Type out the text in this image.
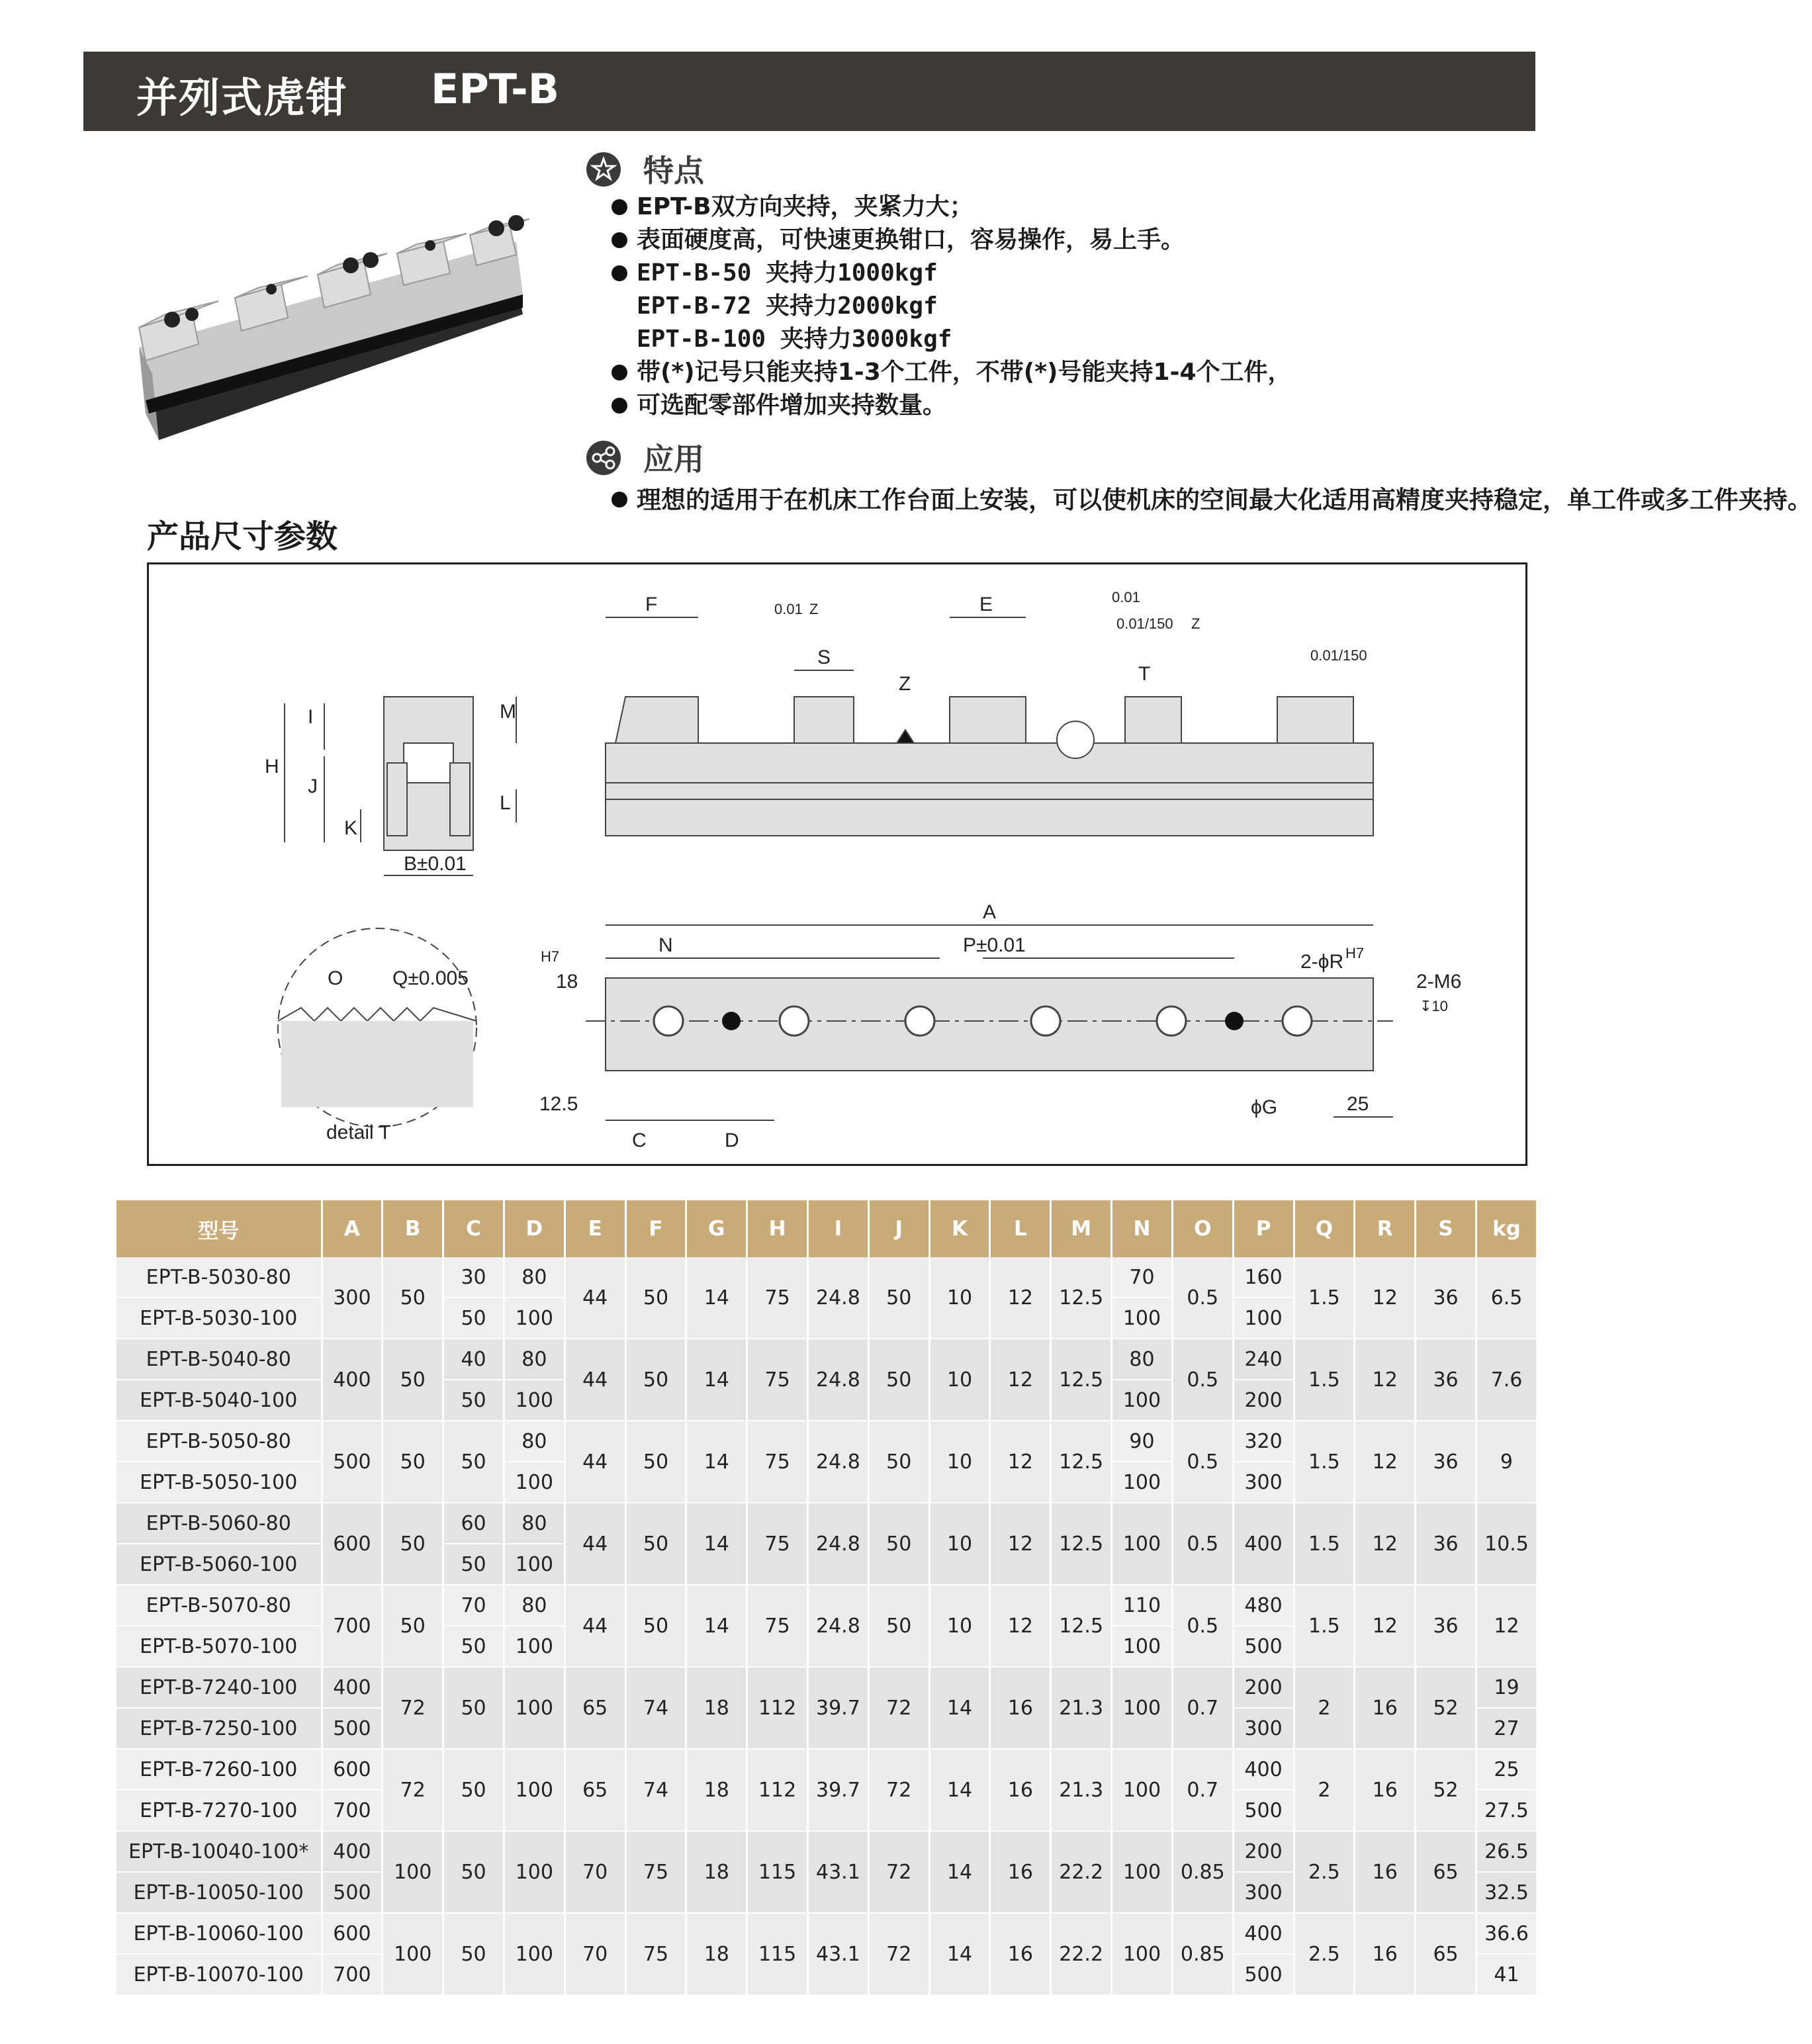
并列式虎钳 EPT-B
特点
EPT-B双方向夹持，夹紧力大；
表面硬度高，可快速更换钳口，容易操作，易上手。
EPT-B-50 夹持力1000kgf
EPT-B-72 夹持力2000kgf
EPT-B-100 夹持力3000kgf
带(*)记号只能夹持1-3个工件，不带(*)号能夹持1-4个工件，
可选配零部件增加夹持数量。
应用
理想的适用于在机床工作台面上安装，可以使机床的空间最大化适用高精度夹持稳定，单工件或多工件夹持。
产品尺寸参数
H
I
J
K
M
L
B±0.01
F	E
S
Z	T
0.01 Z
0.01
0.01/150 Z
0.01/150
O Q±0.005
detail T
A
N	P±0.01
2-ϕR H7
2-M6
↧10
18
H7
12.5
C	D
ϕG	25
型号	A	B	C	D	E	F	G	H	I	J	K	L	M	N	O	P	Q	R	S	kg
EPT-B-5030-80	300	50	30	80	44	50	14	75	24.8	50	10	12	12.5	70	0.5	160	1.5	12	36	6.5
EPT-B-5030-100			50	100										100		100				
EPT-B-5040-80	400	50	40	80	44	50	14	75	24.8	50	10	12	12.5	80	0.5	240	1.5	12	36	7.6
EPT-B-5040-100			50	100										100		200				
EPT-B-5050-80	500	50	50	80	44	50	14	75	24.8	50	10	12	12.5	90	0.5	320	1.5	12	36	9
EPT-B-5050-100				100										100		300				
EPT-B-5060-80	600	50	60	80	44	50	14	75	24.8	50	10	12	12.5	100	0.5	400	1.5	12	36	10.5
EPT-B-5060-100			50	100																
EPT-B-5070-80	700	50	70	80	44	50	14	75	24.8	50	10	12	12.5	110	0.5	480	1.5	12	36	12
EPT-B-5070-100			50	100										100		500				
EPT-B-7240-100	400	72	50	100	65	74	18	112	39.7	72	14	16	21.3	100	0.7	200	2	16	52	19
EPT-B-7250-100	500															300				27
EPT-B-7260-100	600	72	50	100	65	74	18	112	39.7	72	14	16	21.3	100	0.7	400	2	16	52	25
EPT-B-7270-100	700															500				27.5
EPT-B-10040-100*	400	100	50	100	70	75	18	115	43.1	72	14	16	22.2	100	0.85	200	2.5	16	65	26.5
EPT-B-10050-100	500															300				32.5
EPT-B-10060-100	600	100	50	100	70	75	18	115	43.1	72	14	16	22.2	100	0.85	400	2.5	16	65	36.6
EPT-B-10070-100	700															500				41
